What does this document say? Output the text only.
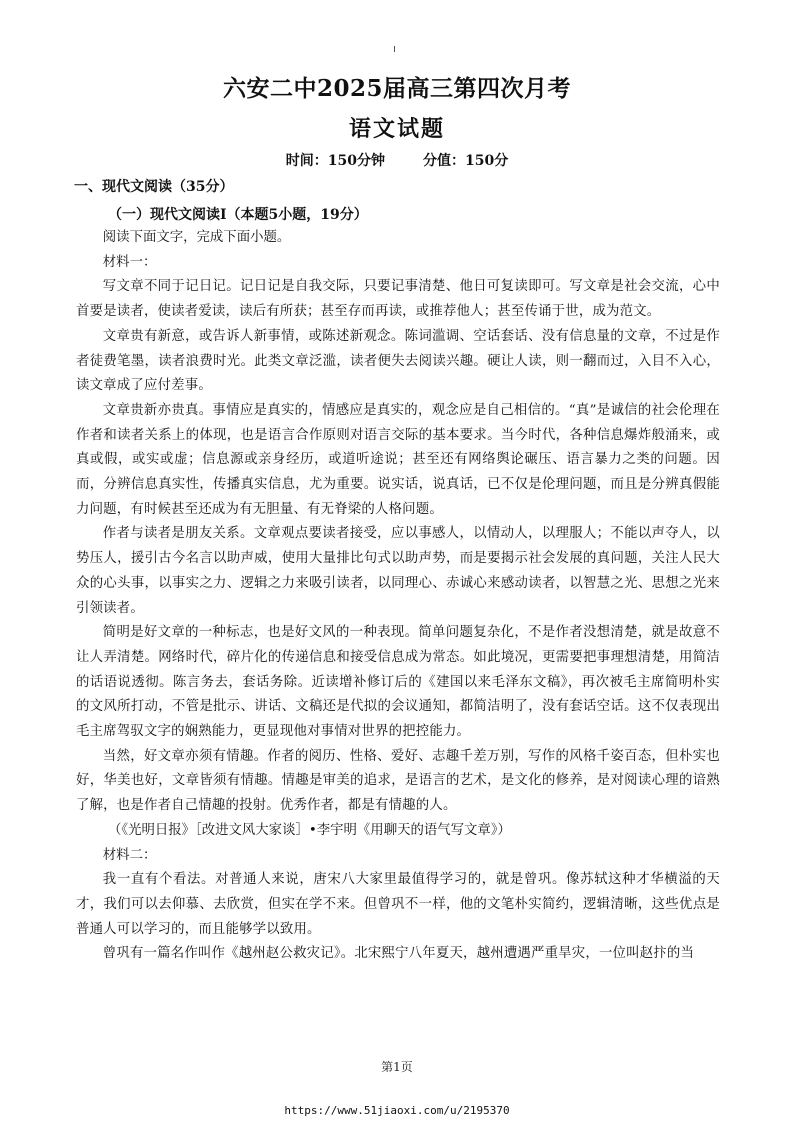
六安二中2025届高三第四次月考
语文试题
时间：150分钟	分值：150分
一、现代文阅读（35分）
（一）现代文阅读Ⅰ（本题5小题，19分）

阅读下面文字，完成下面小题。

材料一：

写文章不同于记日记。记日记是自我交际，只要记事清楚、他日可复读即可。写文章是社会交流，心中首要是读者，使读者爱读，读后有所获；甚至存而再读，或推荐他人；甚至传诵于世，成为范文。

文章贵有新意，或告诉人新事情，或陈述新观念。陈词滥调、空话套话、没有信息量的文章，不过是作者徒费笔墨，读者浪费时光。此类文章泛滥，读者便失去阅读兴趣。硬让人读，则一翻而过，入目不入心，读文章成了应付差事。

文章贵新亦贵真。事情应是真实的，情感应是真实的，观念应是自己相信的。“真”是诚信的社会伦理在作者和读者关系上的体现，也是语言合作原则对语言交际的基本要求。当今时代，各种信息爆炸般涌来，或真或假，或实或虚；信息源或亲身经历，或道听途说；甚至还有网络舆论碾压、语言暴力之类的问题。因而，分辨信息真实性，传播真实信息，尤为重要。说实话，说真话，已不仅是伦理问题，而且是分辨真假能力问题，有时候甚至还成为有无胆量、有无脊梁的人格问题。

作者与读者是朋友关系。文章观点要读者接受，应以事感人，以情动人，以理服人；不能以声夺人，以势压人，援引古今名言以助声威，使用大量排比句式以助声势，而是要揭示社会发展的真问题，关注人民大众的心头事，以事实之力、逻辑之力来吸引读者，以同理心、赤诚心来感动读者，以智慧之光、思想之光来引领读者。

简明是好文章的一种标志，也是好文风的一种表现。简单问题复杂化，不是作者没想清楚，就是故意不让人弄清楚。网络时代，碎片化的传递信息和接受信息成为常态。如此境况，更需要把事理想清楚，用简洁的话语说透彻。陈言务去，套话务除。近读增补修订后的《建国以来毛泽东文稿》，再次被毛主席简明朴实的文风所打动，不管是批示、讲话、文稿还是代拟的会议通知，都简洁明了，没有套话空话。这不仅表现出毛主席驾驭文字的娴熟能力，更显现他对事情对世界的把控能力。

当然，好文章亦须有情趣。作者的阅历、性格、爱好、志趣千差万别，写作的风格千姿百态，但朴实也好，华美也好，文章皆须有情趣。情趣是审美的追求，是语言的艺术，是文化的修养，是对阅读心理的谙熟了解，也是作者自己情趣的投射。优秀作者，都是有情趣的人。

（《光明日报》［改进文风大家谈］•李宇明《用聊天的语气写文章》）

材料二：

我一直有个看法。对普通人来说，唐宋八大家里最值得学习的，就是曾巩。像苏轼这种才华横溢的天才，我们可以去仰慕、去欣赏，但实在学不来。但曾巩不一样，他的文笔朴实简约，逻辑清晰，这些优点是普通人可以学习的，而且能够学以致用。

曾巩有一篇名作叫作《越州赵公救灾记》。北宋熙宁八年夏天，越州遭遇严重旱灾，一位叫赵抃的当

第1页
https://www.51jiaoxi.com/u/2195370
